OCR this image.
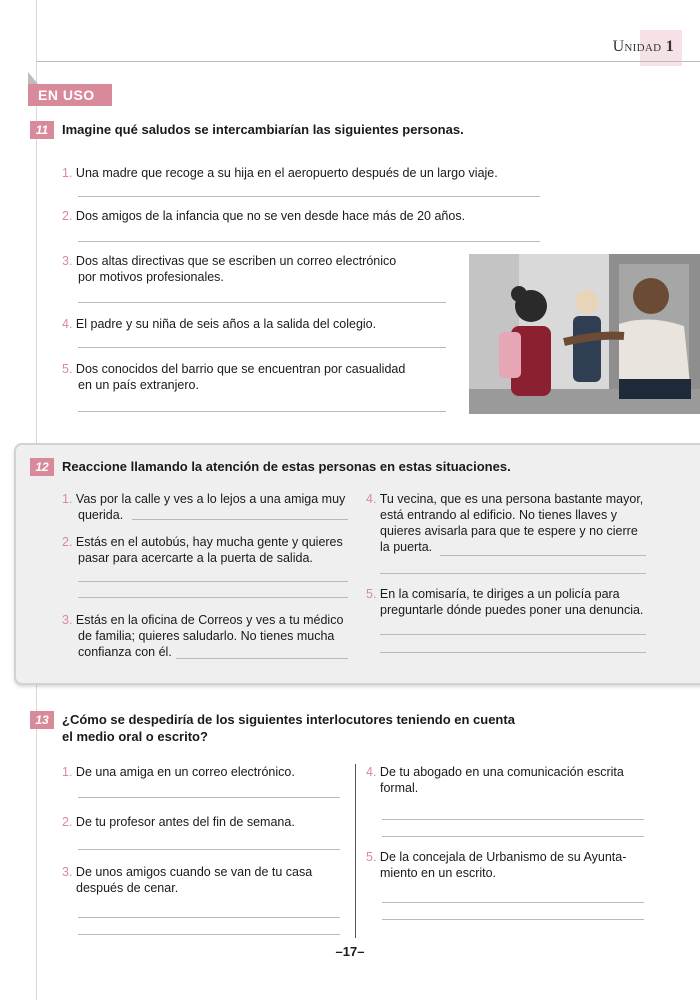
Unidad 1
EN USO
11	Imagine qué saludos se intercambiarían las siguientes personas.
1. Una madre que recoge a su hija en el aeropuerto después de un largo viaje.
2. Dos amigos de la infancia que no se ven desde hace más de 20 años.
3. Dos altas directivas que se escriben un correo electrónico
por motivos profesionales.
4. El padre y su niña de seis años a la salida del colegio.
5. Dos conocidos del barrio que se encuentran por casualidad
en un país extranjero.
12	Reaccione llamando la atención de estas personas en estas situaciones.
1. Vas por la calle y ves a lo lejos a una amiga muy
querida.
2. Estás en el autobús, hay mucha gente y quieres
pasar para acercarte a la puerta de salida.
3. Estás en la oficina de Correos y ves a tu médico
de familia; quieres saludarlo. No tienes mucha
confianza con él.
4. Tu vecina, que es una persona bastante mayor,
está entrando al edificio. No tienes llaves y
quieres avisarla para que te espere y no cierre
la puerta.
5. En la comisaría, te diriges a un policía para
preguntarle dónde puedes poner una denuncia.
13	¿Cómo se despediría de los siguientes interlocutores teniendo en cuenta
el medio oral o escrito?
1. De una amiga en un correo electrónico.
2. De tu profesor antes del fin de semana.
3. De unos amigos cuando se van de tu casa
después de cenar.
4. De tu abogado en una comunicación escrita
formal.
5. De la concejala de Urbanismo de su Ayunta-
miento en un escrito.
–17–
